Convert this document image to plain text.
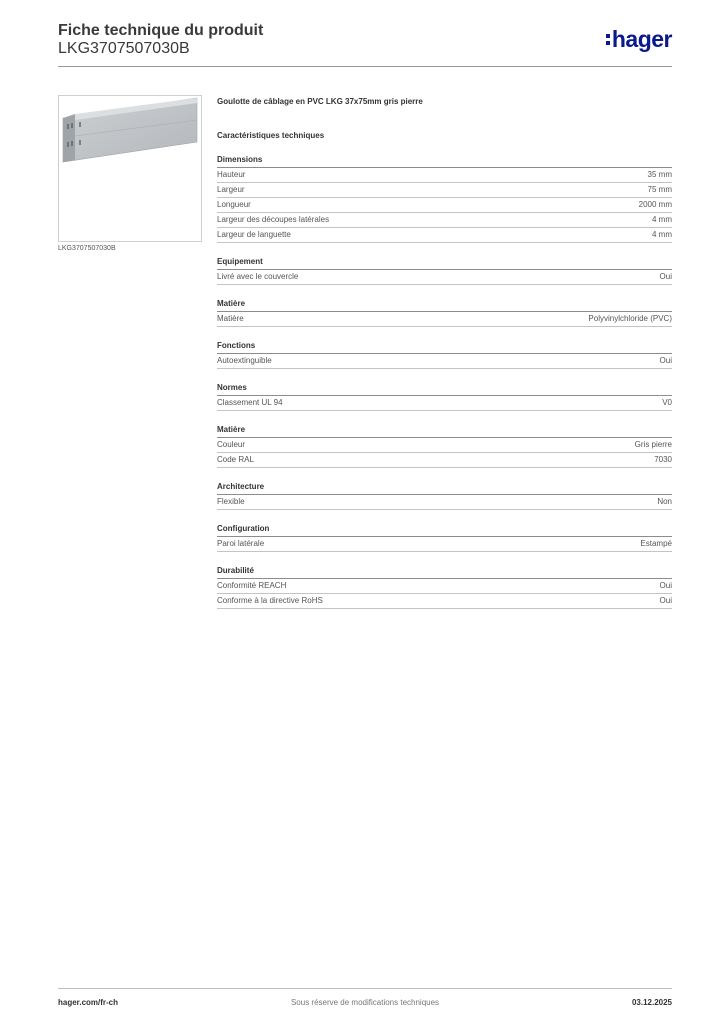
Fiche technique du produit
LKG3707507030B	hager
LKG3707507030B
Goulotte de câblage en PVC LKG 37x75mm gris pierre
Caractéristiques techniques
Dimensions
Hauteur	35 mm
Largeur	75 mm
Longueur	2000 mm
Largeur des découpes latérales	4 mm
Largeur de languette	4 mm
Equipement
Livré avec le couvercle	Oui
Matière
Matière	Polyvinylchloride (PVC)
Fonctions
Autoextinguible	Oui
Normes
Classement UL 94	V0
Matière
Couleur	Gris pierre
Code RAL	7030
Architecture
Flexible	Non
Configuration
Paroi latérale	Estampé
Durabilité
Conformité REACH	Oui
Conforme à la directive RoHS	Oui
hager.com/fr-ch	Sous réserve de modifications techniques	03.12.2025
